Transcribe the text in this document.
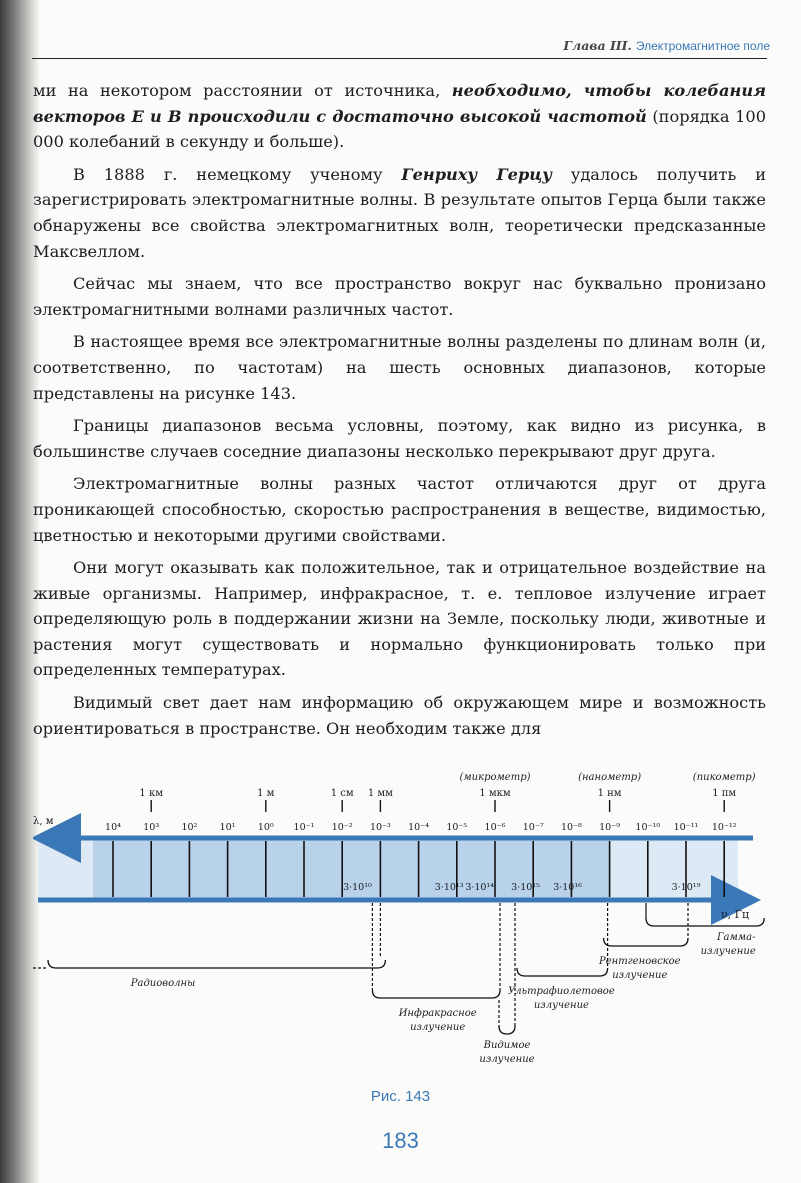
Глава III. Электромагнитное поле

ми на некотором расстоянии от источника, необходимо, чтобы колебания векторов E и B происходили с достаточно высокой частотой (порядка 100 000 колебаний в секунду и больше).

В 1888 г. немецкому ученому Генриху Герцу удалось получить и зарегистрировать электромагнитные волны. В результате опытов Герца были также обнаружены все свойства электромагнитных волн, теоретически предсказанные Максвеллом.

Сейчас мы знаем, что все пространство вокруг нас буквально пронизано электромагнитными волнами различных частот.

В настоящее время все электромагнитные волны разделены по длинам волн (и, соответственно, по частотам) на шесть основных диапазонов, которые представлены на рисунке 143.

Границы диапазонов весьма условны, поэтому, как видно из рисунка, в большинстве случаев соседние диапазоны несколько перекрывают друг друга.

Электромагнитные волны разных частот отличаются друг от друга проникающей способностью, скоростью распространения в веществе, видимостью, цветностью и некоторыми другими свойствами.

Они могут оказывать как положительное, так и отрицательное воздействие на живые организмы. Например, инфракрасное, т. е. тепловое излучение играет определяющую роль в поддержании жизни на Земле, поскольку люди, животные и растения могут существовать и нормально функционировать только при определенных температурах.

Видимый свет дает нам информацию об окружающем мире и возможность ориентироваться в пространстве. Он необходим также для

λ, м
ν, Гц
10⁴ 10³ 10² 10¹ 10⁰ 10⁻¹ 10⁻² 10⁻³ 10⁻⁴ 10⁻⁵ 10⁻⁶ 10⁻⁷ 10⁻⁸ 10⁻⁹ 10⁻¹⁰ 10⁻¹¹ 10⁻¹²
1 км	1 м	1 см 1 мм	1 мкм	1 нм	1 пм
(микрометр)	(нанометр)	(пикометр)
3·10¹⁰	3·10¹³ 3·10¹⁴ 3·10¹⁵ 3·10¹⁶	3·10¹⁹
Радиоволны
Инфракрасное
излучение
Видимое
излучение
Ультрафиолетовое
излучение
Рентгеновское
излучение
Гамма-
излучение
Рис. 143
183
